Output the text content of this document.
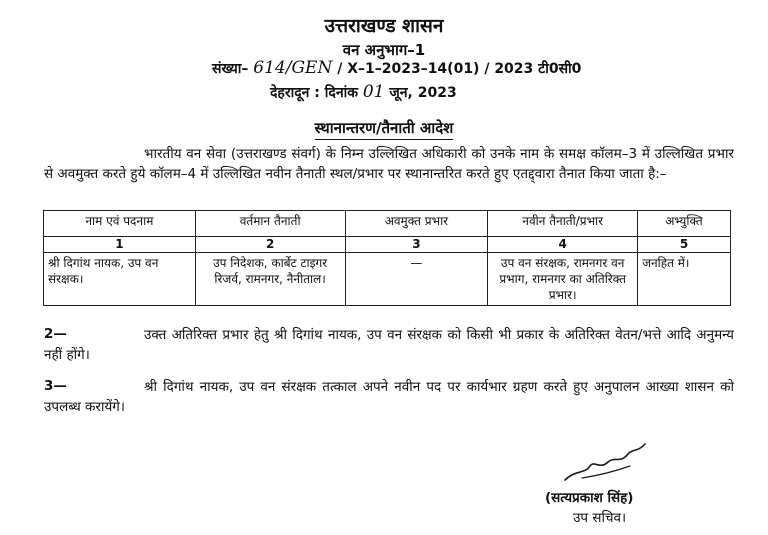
उत्तराखण्ड शासन
वन अनुभाग–1
संख्या– 614/GEN / X–1–2023–14(01) / 2023 टी0सी0
देहरादून : दिनांक 01 जून, 2023
स्थानान्तरण/तैनाती आदेश
भारतीय वन सेवा (उत्तराखण्ड संवर्ग) के निम्न उल्लिखित अधिकारी को उनके नाम के समक्ष कॉलम–3 में उल्लिखित प्रभार से अवमुक्त करते हुये कॉलम–4 में उल्लिखित नवीन तैनाती स्थल/प्रभार पर स्थानान्तरित करते हुए एतद्द्वारा तैनात किया जाता है:–
नाम एवं पदनाम	वर्तमान तैनाती	अवमुक्त प्रभार	नवीन तैनाती/प्रभार	अभ्युक्ति
1	2	3	4	5
श्री दिगांथ नायक, उप वन संरक्षक।	उप निदेशक, कार्बेट टाइगर रिजर्व, रामनगर, नैनीताल।	—	उप वन संरक्षक, रामनगर वन प्रभाग, रामनगर का अतिरिक्त प्रभार।	जनहित में।
2—	उक्त अतिरिक्त प्रभार हेतु श्री दिगांथ नायक, उप वन संरक्षक को किसी भी प्रकार के अतिरिक्त वेतन/भत्ते आदि अनुमन्य नहीं होंगे।
3—	श्री दिगांथ नायक, उप वन संरक्षक तत्काल अपने नवीन पद पर कार्यभार ग्रहण करते हुए अनुपालन आख्या शासन को उपलब्ध करायेंगे।
(सत्यप्रकाश सिंह)
उप सचिव।
